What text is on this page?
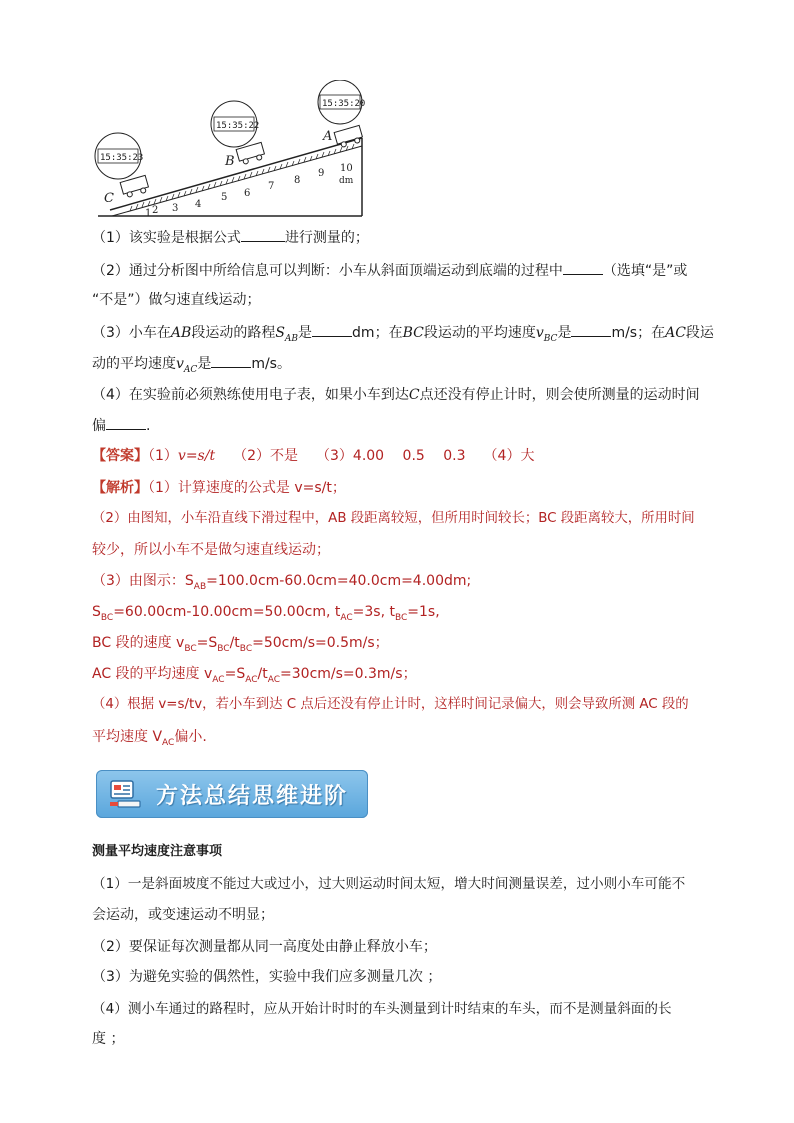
1 2 3 4
5 6
7
8
9 10
dm
C
B
A
15:35:23
15:35:22
15:35:20
（1）该实验是根据公式	进行测量的；
（2）通过分析图中所给信息可以判断：小车从斜面顶端运动到底端的过程中	（选填“是”或
“不是”）做匀速直线运动；
（3）小车在AB段运动的路程$S_{AB}$是	dm；在BC段运动的平均速度$v_{BC}$是	m/s；在AC段运
动的平均速度$v_{AC}$是	m/s。
（4）在实验前必须熟练使用电子表，如果小车到达C点还没有停止计时，则会使所测量的运动时间
偏	.
【答案】（1）v=s/t （2）不是 （3）4.00　 0.5　 0.3 （4）大
【解析】（1）计算速度的公式是 v=s/t；
（2）由图知，小车沿直线下滑过程中，AB 段距离较短，但所用时间较长；BC 段距离较大，所用时间
较少，所以小车不是做匀速直线运动；
（3）由图示：$S_{AB}=100.0cm-60.0cm=40.0cm=4.00dm$;
$S_{BC}=60.00cm-10.00cm=50.00cm$, $t_{AC}=3s$, $t_{BC}=1s$,
BC 段的速度 $v_{BC}=S_{BC}/t_{BC}=50cm/s=0.5m/s$；
AC 段的平均速度 $v_{AC}=S_{AC}/t_{AC}=30cm/s=0.3m/s$；
（4）根据 v=s/tv，若小车到达 C 点后还没有停止计时，这样时间记录偏大，则会导致所测 AC 段的
平均速度 $V_{AC}$偏小.
方法总结思维进阶
测量平均速度注意事项
（1）一是斜面坡度不能过大或过小，过大则运动时间太短，增大时间测量误差，过小则小车可能不
会运动，或变速运动不明显；
（2）要保证每次测量都从同一高度处由静止释放小车；
（3）为避免实验的偶然性，实验中我们应多测量几次 ；
（4）测小车通过的路程时，应从开始计时时的车头测量到计时结束的车头，而不是测量斜面的长
度 ；
